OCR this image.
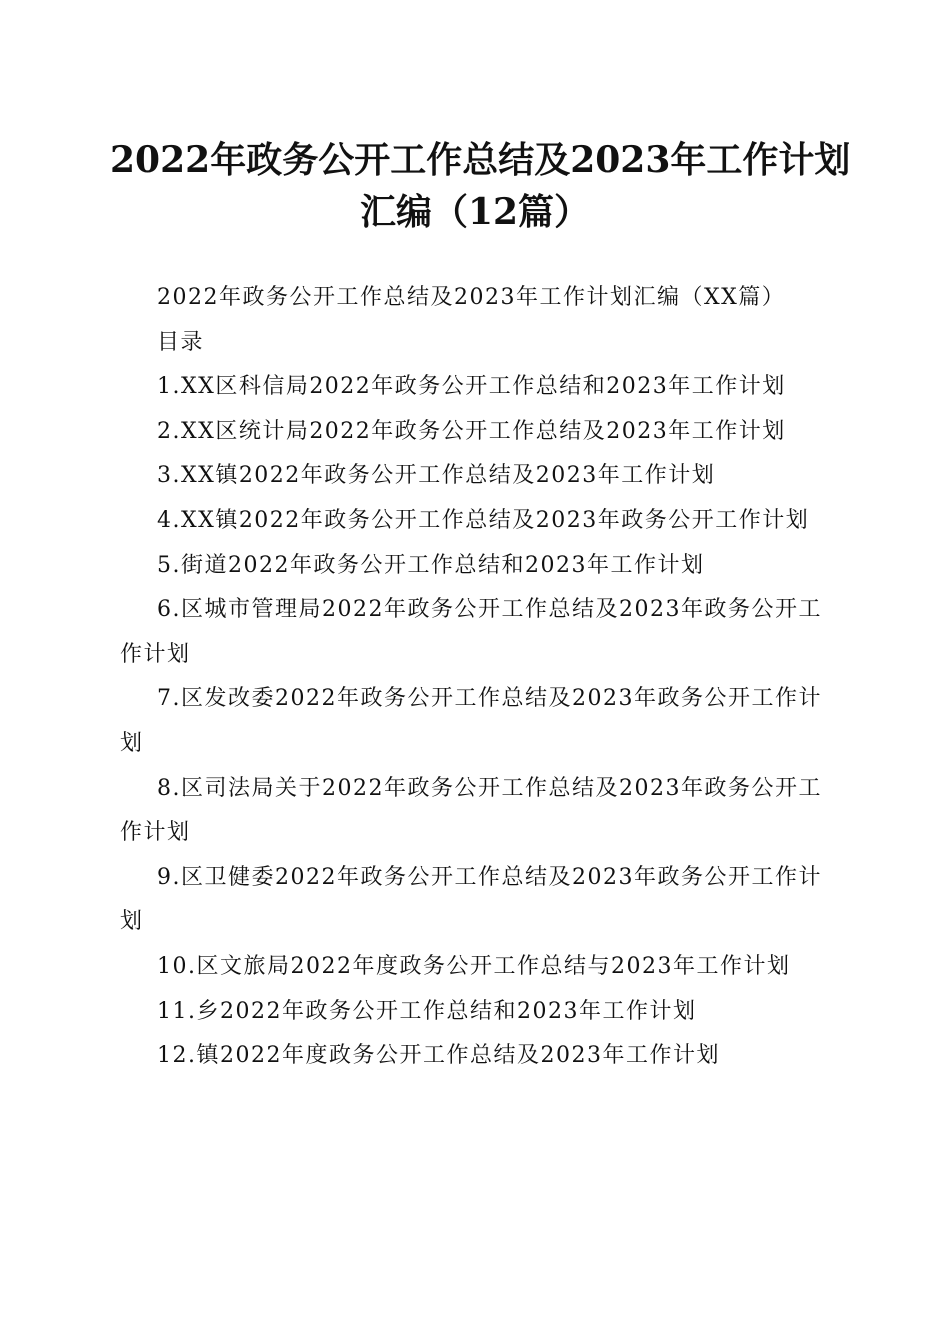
2022年政务公开工作总结及2023年工作计划
汇编（12篇）

2022年政务公开工作总结及2023年工作计划汇编（XX篇）

目录

1.XX区科信局2022年政务公开工作总结和2023年工作计划

2.XX区统计局2022年政务公开工作总结及2023年工作计划

3.XX镇2022年政务公开工作总结及2023年工作计划

4.XX镇2022年政务公开工作总结及2023年政务公开工作计划

5.街道2022年政务公开工作总结和2023年工作计划

6.区城市管理局2022年政务公开工作总结及2023年政务公开工作计划

7.区发改委2022年政务公开工作总结及2023年政务公开工作计划

8.区司法局关于2022年政务公开工作总结及2023年政务公开工作计划

9.区卫健委2022年政务公开工作总结及2023年政务公开工作计划

10.区文旅局2022年度政务公开工作总结与2023年工作计划

11.乡2022年政务公开工作总结和2023年工作计划

12.镇2022年度政务公开工作总结及2023年工作计划
